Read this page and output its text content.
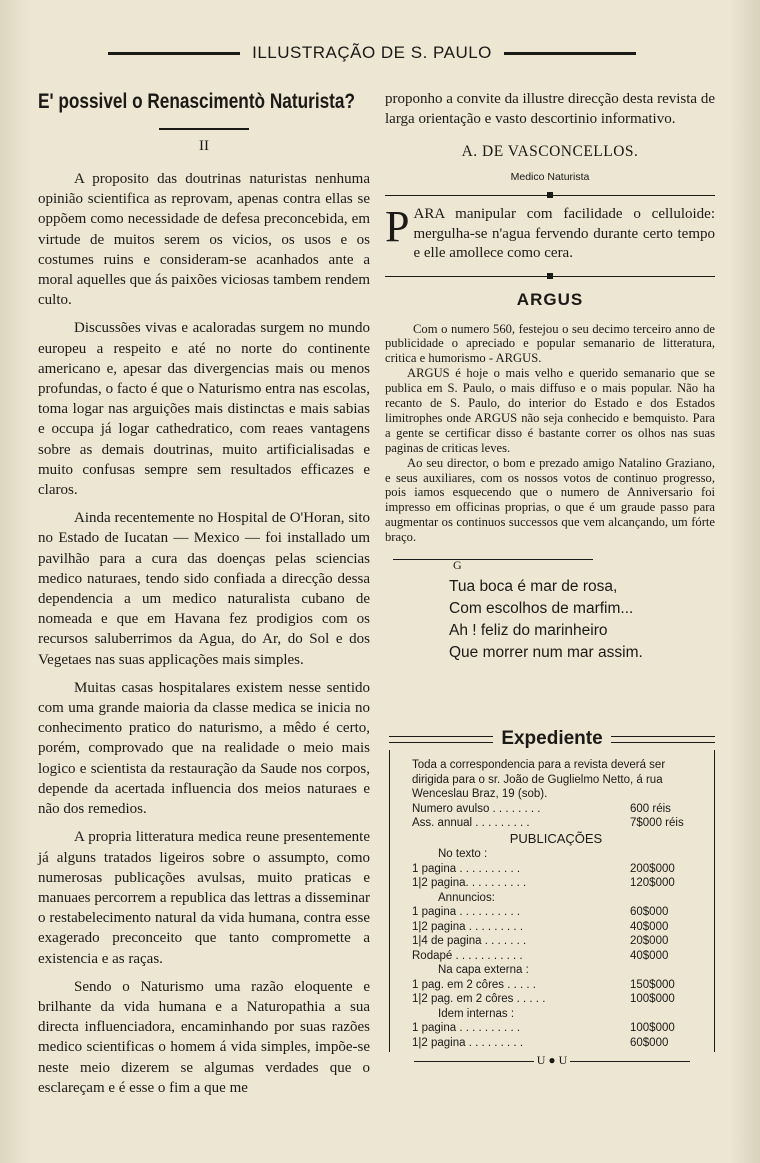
ILLUSTRAÇÃO DE S. PAULO
E' possivel o Renascimentò Naturista?
II

A proposito das doutrinas naturistas nenhuma opinião scientifica as reprovam, apenas contra ellas se oppõem como necessidade de defesa preconcebida, em virtude de muitos serem os vicios, os usos e os costumes ruins e consideram-se acanhados ante a moral aquelles que ás paixões viciosas tambem rendem culto.

Discussões vivas e acaloradas surgem no mundo europeu a respeito e até no norte do continente americano e, apesar das divergencias mais ou menos profundas, o facto é que o Naturismo entra nas escolas, toma logar nas arguições mais distinctas e mais sabias e occupa já logar cathedratico, com reaes vantagens sobre as demais doutrinas, muito artificialisadas e muito confusas sempre sem resultados efficazes e claros.

Ainda recentemente no Hospital de O'Horan, sito no Estado de Iucatan — Mexico — foi installado um pavilhão para a cura das doenças pelas sciencias medico naturaes, tendo sido confiada a direcção dessa dependencia a um medico naturalista cubano de nomeada e que em Havana fez prodigios com os recursos saluberrimos da Agua, do Ar, do Sol e dos Vegetaes nas suas applicações mais simples.

Muitas casas hospitalares existem nesse sentido com uma grande maioria da classe medica se inicia no conhecimento pratico do naturismo, a mêdo é certo, porém, comprovado que na realidade o meio mais logico e scientista da restauração da Saude nos corpos, depende da acertada influencia dos meios naturaes e não dos remedios.

A propria litteratura medica reune presentemente já alguns tratados ligeiros sobre o assumpto, como numerosas publicações avulsas, muito praticas e manuaes percorrem a republica das lettras a disseminar o restabelecimento natural da vida humana, contra esse exagerado preconceito que tanto compromette a existencia e as raças.

Sendo o Naturismo uma razão eloquente e brilhante da vida humana e a Naturopathia a sua directa influenciadora, encaminhando por suas razões medico scientificas o homem á vida simples, impõe-se neste meio dizerem se algumas verdades que o esclareçam e é esse o fim a que me

proponho a convite da illustre direcção desta revista de larga orientação e vasto descortinio informativo.

A. DE VASCONCELLOS.
Medico Naturista

PARA manipular com facilidade o celluloide: mergulha-se n'agua fervendo durante certo tempo e elle amollece como cera.

ARGUS

Com o numero 560, festejou o seu decimo terceiro anno de publicidade o apreciado e popular semanario de litteratura, critica e humorismo - ARGUS.

ARGUS é hoje o mais velho e querido semanario que se publica em S. Paulo, o mais diffuso e o mais popular. Não ha recanto de S. Paulo, do interior do Estado e dos Estados limitrophes onde ARGUS não seja conhecido e bemquisto. Para a gente se certificar disso é bastante correr os olhos nas suas paginas de criticas leves.

Ao seu director, o bom e prezado amigo Natalino Graziano, e seus auxiliares, com os nossos votos de continuo progresso, pois iamos esquecendo que o numero de Anniversario foi impresso em officinas proprias, o que é um graude passo para augmentar os continuos successos que vem alcançando, um fórte braço.

G
Tua boca é mar de rosa,
Com escolhos de marfim...
Ah ! feliz do marinheiro
Que morrer num mar assim.
Expediente
Toda a correspondencia para a revista deverá ser dirigida para o sr. João de Guglielmo Netto, á rua Wenceslau Braz, 19 (sob).
Numero avulso . . . . . . . .	600 réis
Ass. annual . . . . . . . . .	7$000 réis
PUBLICAÇÕES
No texto :
1 pagina . . . . . . . . . .	200$000
1|2 pagina. . . . . . . . . .	120$000
Annuncios:
1 pagina . . . . . . . . . .	60$000
1|2 pagina . . . . . . . . .	40$000
1|4 de pagina . . . . . . .	20$000
Rodapé . . . . . . . . . . .	40$000
Na capa externa :
1 pag. em 2 côres . . . . .	150$000
1|2 pag. em 2 côres . . . . .	100$000
Idem internas :
1 pagina . . . . . . . . . .	100$000
1|2 pagina . . . . . . . . .	60$000
U ● U
